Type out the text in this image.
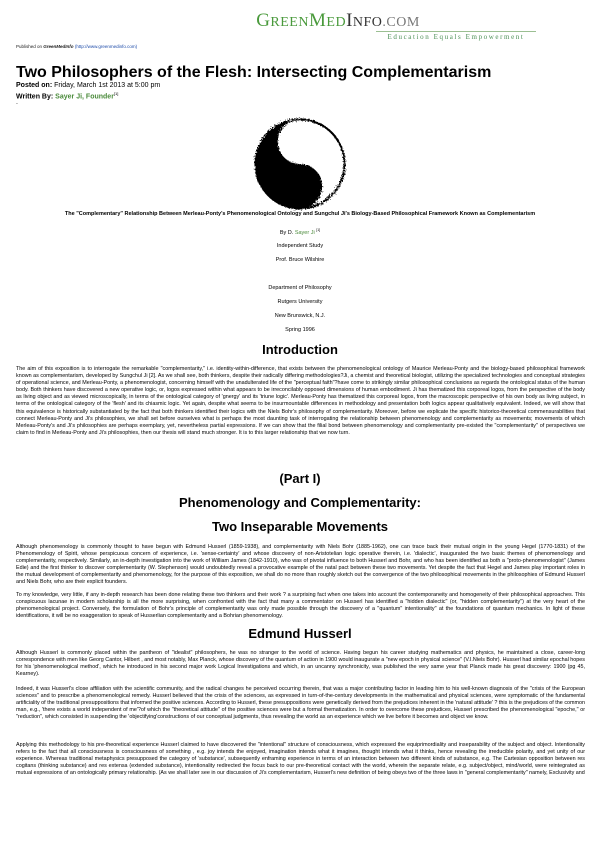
GREENMEDINFO.COM
Education Equals Empowerment
Published on GreenMedInfo (http://www.greenmedinfo.com)
Two Philosophers of the Flesh: Intersecting Complementarism
Posted on: Friday, March 1st 2013 at 5:00 pm
Written By: Sayer Ji, Founder[1]
.
The "Complementary" Relationship Between Merleau-Ponty's Phenomenological Ontology and Sungchul Ji's Biology-Based Philosophical Framework Known as Complementarism
By D. Sayer Ji [1]
Independent Study
Prof. Bruce Wilshire
Department of Philosophy
Rutgers University
New Brunswick, N.J.
Spring 1996
Introduction

The aim of this exposition is to interrogate the remarkable "complementarity," i.e. identity-within-difference, that exists between the phenomenological ontology of Maurice Merleau-Ponty and the biology-based philosophical framework known as complementarism, developed by Sungchul Ji [2]. As we shall see, both thinkers, despite their radically differing methodologies?Ji, a chemist and theoretical biologist, utilizing the specialized technologies and conceptual strategies of operational science, and Merleau-Ponty, a phenomenologist, concerning himself with the unadulterated life of the "perceptual faith"?have come to strikingly similar philosophical conclusions as regards the ontological status of the human body. Both thinkers have discovered a new operative logic, or, logos expressed within what appears to be irreconcilably opposed dimensions of human embodiment. Ji has thematized this corporeal logos, from the perspective of the body as living object and as viewed microscopically, in terms of the ontological category of 'gnergy' and its 'triune logic'. Merleau-Ponty has thematized this corporeal logos, from the macroscopic perspective of his own body as living subject, in terms of the ontological category of the 'flesh' and its chiasmic logic. Yet again, despite what seems to be insurmountable differences in methodology and presentation both logics appear qualitatively equivalent. Indeed, we will show that this equivalence is historically substantiated by the fact that both thinkers identified their logics with the Niels Bohr's philosophy of complementarity. Moreover, before we explicate the specific historico-theoretical commensurabilities that connect Merleau-Ponty and Ji's philosophies, we shall set before ourselves what is perhaps the most daunting task of interrogating the relationship between phenomenology and complementarity as movements; movements of which Merleau-Ponty's and Ji's philosophies are perhaps exemplary, yet, nevertheless partial expressions. If we can show that the filial bond between phenomenology and complementarity pre-existed the "complementarity" of perspectives we claim to find in Merleau-Ponty and Ji's philosophies, then our thesis will stand much stronger. It is to this larger relationship that we now turn.

(Part I)
Phenomenology and Complementarity:
Two Inseparable Movements

Although phenomenology is commonly thought to have begun with Edmund Husserl (1859-1938), and complementarity with Niels Bohr (1885-1962), one can trace back their mutual origin in the young Hegel (1770-1831) of the Phenomenology of Spirit, whose perspicuous concern of experience, i.e. 'sense-certainty' and whose discovery of non-Aristotelian logic operative therein, i.e. 'dialectic', inaugurated the two basic themes of phenomenology and complementarity, respectively. Similarly, an in-depth investigation into the work of William James (1842-1910), who was of pivotal influence to both Husserl and Bohr, and who has been identified as both a "proto-phenomenologist" (James Edie) and the first thinker to discover complementarity (W. Stephenson) would undoubtedly reveal a provocative example of the natal pact between these two movements. Yet despite the fact that Hegel and James play important roles in the mutual development of complementarity and phenomenology, for the purpose of this exposition, we shall do no more than roughly sketch out the convergence of the two philosophical movements in the philosophies of Edmund Husserl and Niels Bohr, who are their explicit founders.

To my knowledge, very little, if any in-depth research has been done relating these two thinkers and their work ? a surprising fact when one takes into account the contemporaneity and homogeneity of their philosophical approaches. This conspicuous lacunae in modern scholarship is all the more surprising, when confronted with the fact that many a commentator on Husserl has identified a "hidden dialectic" (or, "hidden complementarity") at the very heart of the phenomenological project. Conversely, the formulation of Bohr's principle of complementarity was only made possible through the discovery of a "quantum" intentionality" at the foundations of quantum mechanics. In light of these identifications, it will be no exaggeration to speak of Husserlian complementarity and a Bohrian phenomenology.

Edmund Husserl

Although Husserl is commonly placed within the pantheon of "idealist" philosophers, he was no stranger to the world of science. Having begun his career studying mathematics and physics, he maintained a close, career-long correspondence with men like Georg Cantor, Hilbert , and most notably, Max Planck, whose discovery of the quantum of action in 1900 would inaugurate a "new epoch in physical science" (V.I.Niels Bohr). Husserl had similar epochal hopes for his 'phenomenological method', which he introduced in his second major work Logical Investigations and which, in an uncanny synchronicity, was published the very same year that Planck made his great discovery: 1900 (pg 45, Kearney).

Indeed, it was Husserl's close affiliation with the scientific community, and the radical changes he perceived occurring therein, that was a major contributing factor in leading him to his well-known diagnosis of the "crisis of the European sciences" and to prescribe a phenomenological remedy. Husserl believed that the crisis of the sciences, as expressed in turn-of-the-century developments in the mathematical and physical sciences, were symptomatic of the fundamental artificiality of the traditional presuppositions that informed the positive sciences. According to Husserl, these presuppositions were genetically derived from the prejudices inherent in the 'natural attitude' ? this is the prejudices of the common man, e.g., 'there exists a world independent of me'?of which the "theoretical attitude" of the positive sciences were but a formal thematization. In order to overcome these prejudices, Husserl prescribed the phenomenological "epoche," or "reduction", which consisted in suspending the 'objectifying'constructions of our conceptual judgments, thus revealing the world as an experience which we live before it becomes and object we know.

Applying this methodology to his pre-theoretical experience Husserl claimed to have discovered the "intentional" structure of consciousness, which expressed the equiprimordiality and inseparability of the subject and object. Intentionality refers to the fact that all consciousness is consciousness of something , e.g. joy intends the enjoyed, imagination intends what it imagines, thought intends what it thinks, hence revealing the irreducible polarity, and yet unity of our experience. Whereas traditional metaphysics presupposed the category of 'substance', subsequently enframing experience in terms of an interaction between two different kinds of substance, e.g. The Cartesian opposition between res cogitans (thinking substance) and res extensa (extended substance), intentionality redirected the focus back to our pre-theoretical contact with the world, wherein the separate relate, e.g. subject/object, mind/world, were reintegrated as mutual expressions of an ontologically primary relationship. (As we shall later see in our discussion of Ji's complementarism, Husserl's new definition of being obeys two of the three laws in "general complementarity" namely, Exclusivity and
